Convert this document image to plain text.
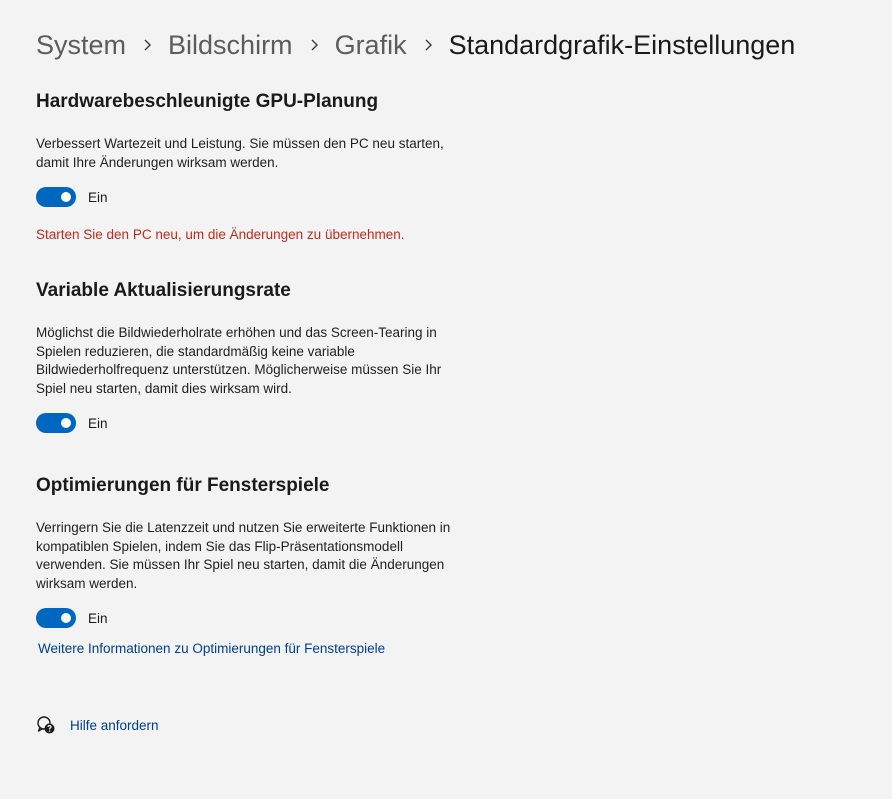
System Bildschirm Grafik Standardgrafik-Einstellungen
Hardwarebeschleunigte GPU-Planung

Verbessert Wartezeit und Leistung. Sie müssen den PC neu starten, damit Ihre Änderungen wirksam werden.

Ein
Starten Sie den PC neu, um die Änderungen zu übernehmen.
Variable Aktualisierungsrate

Möglichst die Bildwiederholrate erhöhen und das Screen-Tearing in Spielen reduzieren, die standardmäßig keine variable Bildwiederholfrequenz unterstützen. Möglicherweise müssen Sie Ihr Spiel neu starten, damit dies wirksam wird.

Ein
Optimierungen für Fensterspiele

Verringern Sie die Latenzzeit und nutzen Sie erweiterte Funktionen in kompatiblen Spielen, indem Sie das Flip-Präsentationsmodell verwenden. Sie müssen Ihr Spiel neu starten, damit die Änderungen wirksam werden.

Ein
Weitere Informationen zu Optimierungen für Fensterspiele
Hilfe anfordern
